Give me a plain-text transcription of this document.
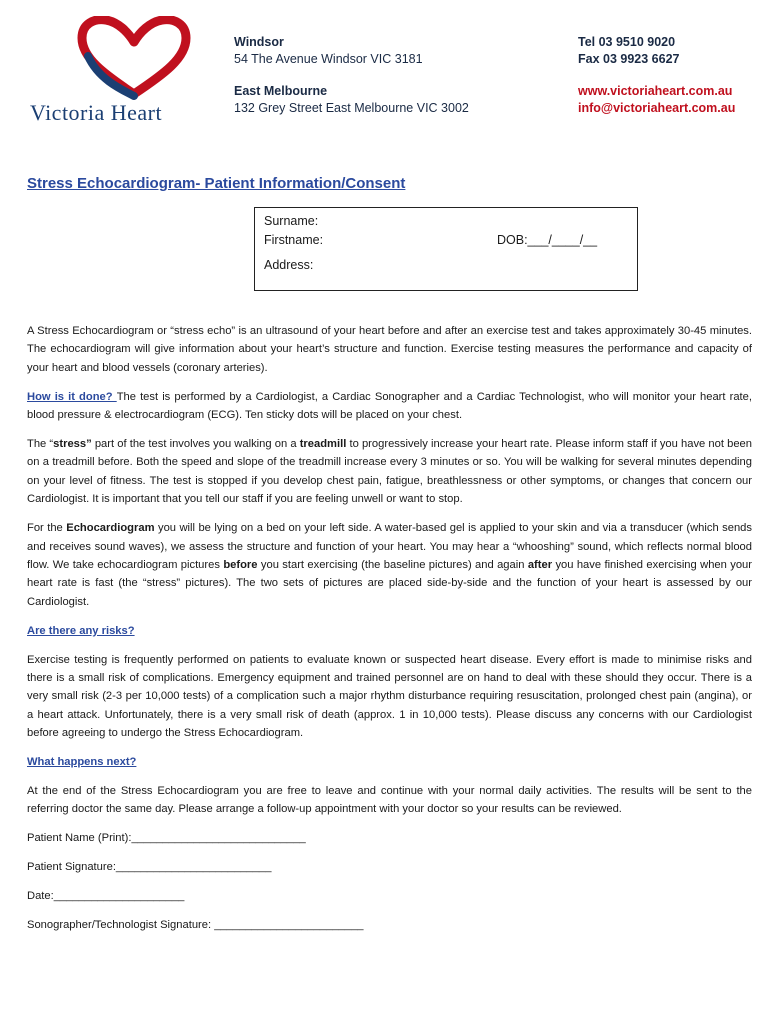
Victoria Heart
Windsor
54 The Avenue Windsor VIC 3181
East Melbourne
132 Grey Street East Melbourne VIC 3002
Tel 03 9510 9020
Fax 03 9923 6627
www.victoriaheart.com.au
info@victoriaheart.com.au
Stress Echocardiogram- Patient Information/Consent
Surname:
Firstname:	DOB:___/____/__
Address:

A Stress Echocardiogram or “stress echo” is an ultrasound of your heart before and after an exercise test and takes approximately 30-45 minutes. The echocardiogram will give information about your heart’s structure and function. Exercise testing measures the performance and capacity of your heart and blood vessels (coronary arteries).

How is it done? The test is performed by a Cardiologist, a Cardiac Sonographer and a Cardiac Technologist, who will monitor your heart rate, blood pressure & electrocardiogram (ECG). Ten sticky dots will be placed on your chest.

The “stress” part of the test involves you walking on a treadmill to progressively increase your heart rate. Please inform staff if you have not been on a treadmill before. Both the speed and slope of the treadmill increase every 3 minutes or so. You will be walking for several minutes depending on your level of fitness. The test is stopped if you develop chest pain, fatigue, breathlessness or other symptoms, or changes that concern our Cardiologist. It is important that you tell our staff if you are feeling unwell or want to stop.

For the Echocardiogram you will be lying on a bed on your left side. A water-based gel is applied to your skin and via a transducer (which sends and receives sound waves), we assess the structure and function of your heart. You may hear a “whooshing” sound, which reflects normal blood flow. We take echocardiogram pictures before you start exercising (the baseline pictures) and again after you have finished exercising when your heart rate is fast (the “stress” pictures). The two sets of pictures are placed side-by-side and the function of your heart is assessed by our Cardiologist.

Are there any risks?

Exercise testing is frequently performed on patients to evaluate known or suspected heart disease. Every effort is made to minimise risks and there is a small risk of complications. Emergency equipment and trained personnel are on hand to deal with these should they occur. There is a very small risk (2-3 per 10,000 tests) of a complication such a major rhythm disturbance requiring resuscitation, prolonged chest pain (angina), or a heart attack. Unfortunately, there is a very small risk of death (approx. 1 in 10,000 tests). Please discuss any concerns with our Cardiologist before agreeing to undergo the Stress Echocardiogram.

What happens next?

At the end of the Stress Echocardiogram you are free to leave and continue with your normal daily activities. The results will be sent to the referring doctor the same day. Please arrange a follow-up appointment with your doctor so your results can be reviewed.

Patient Name (Print):____________________________
Patient Signature:_________________________
Date:_____________________
Sonographer/Technologist Signature: ________________________
